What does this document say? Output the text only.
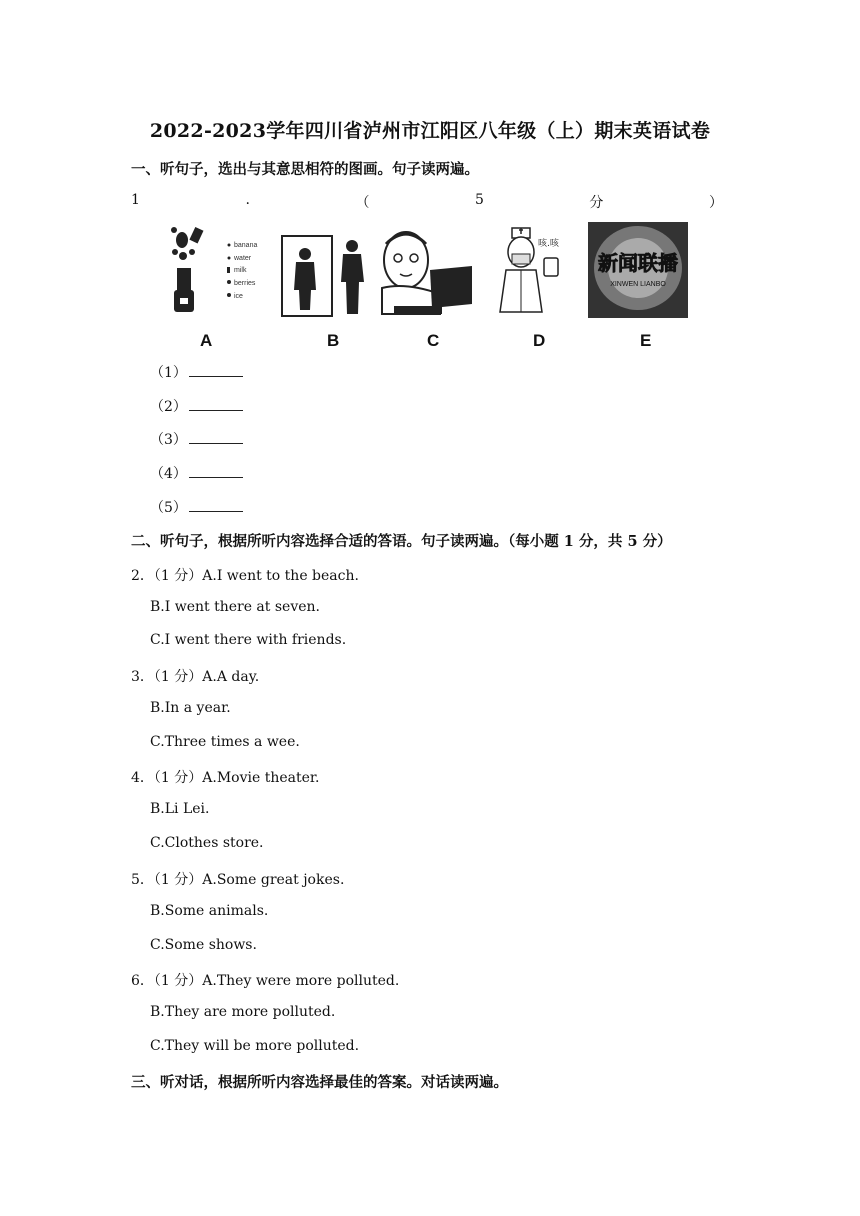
2022-2023学年四川省泸州市江阳区八年级（上）期末英语试卷
一、听句子，选出与其意思相符的图画。句子读两遍。
1	.	（	5	分	）
banana
water
milk
berries
ice
咳.咳
新闻联播
XINWEN LIANBO
A	B	C	D	E
（1）
（2）
（3）
（4）
（5）
二、听句子，根据所听内容选择合适的答语。句子读两遍。（每小题 1 分，共 5 分）
2．（1 分）A.I went to the beach.
B.I went there at seven.
C.I went there with friends.
3．（1 分）A.A day.
B.In a year.
C.Three times a wee.
4．（1 分）A.Movie theater.
B.Li Lei.
C.Clothes store.
5．（1 分）A.Some great jokes.
B.Some animals.
C.Some shows.
6．（1 分）A.They were more polluted.
B.They are more polluted.
C.They will be more polluted.
三、听对话，根据所听内容选择最佳的答案。对话读两遍。
